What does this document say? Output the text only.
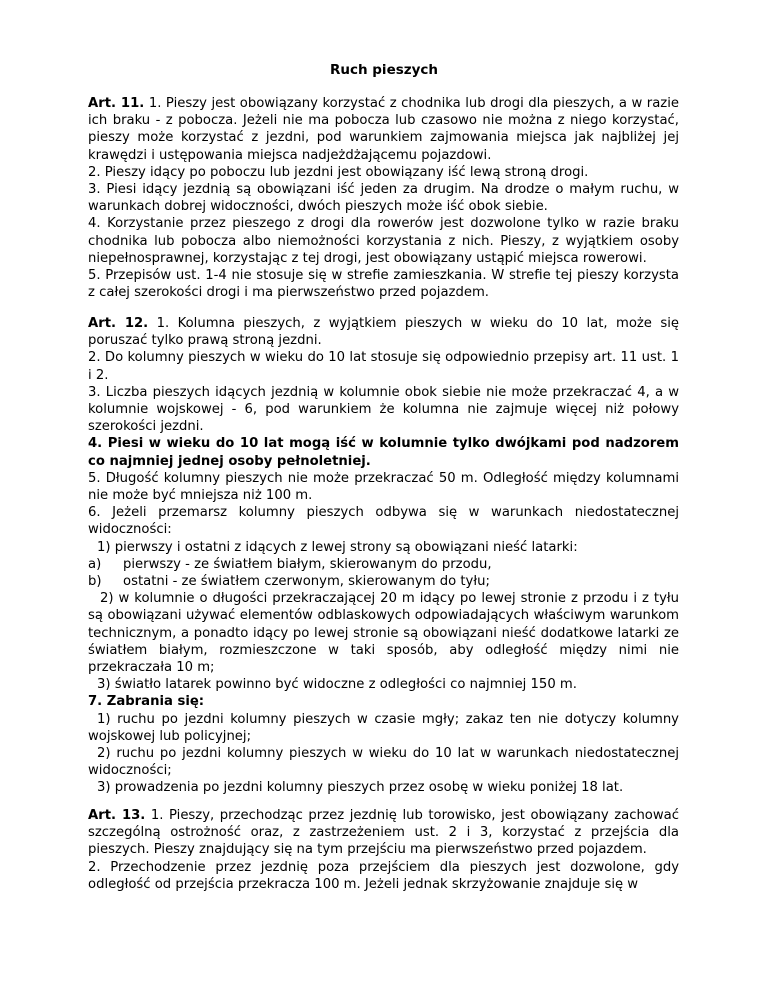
Ruch pieszych

Art. 11. 1. Pieszy jest obowiązany korzystać z chodnika lub drogi dla pieszych, a w razie ich braku - z pobocza. Jeżeli nie ma pobocza lub czasowo nie można z niego korzystać, pieszy może korzystać z jezdni, pod warunkiem zajmowania miejsca jak najbliżej jej krawędzi i ustępowania miejsca nadjeżdżającemu pojazdowi.

2. Pieszy idący po poboczu lub jezdni jest obowiązany iść lewą stroną drogi.

3. Piesi idący jezdnią są obowiązani iść jeden za drugim. Na drodze o małym ruchu, w warunkach dobrej widoczności, dwóch pieszych może iść obok siebie.

4. Korzystanie przez pieszego z drogi dla rowerów jest dozwolone tylko w razie braku chodnika lub pobocza albo niemożności korzystania z nich. Pieszy, z wyjątkiem osoby niepełnosprawnej, korzystając z tej drogi, jest obowiązany ustąpić miejsca rowerowi.

5. Przepisów ust. 1-4 nie stosuje się w strefie zamieszkania. W strefie tej pieszy korzysta z całej szerokości drogi i ma pierwszeństwo przed pojazdem.

Art. 12. 1. Kolumna pieszych, z wyjątkiem pieszych w wieku do 10 lat, może się poruszać tylko prawą stroną jezdni.

2. Do kolumny pieszych w wieku do 10 lat stosuje się odpowiednio przepisy art. 11 ust. 1 i 2.

3. Liczba pieszych idących jezdnią w kolumnie obok siebie nie może przekraczać 4, a w kolumnie wojskowej - 6, pod warunkiem że kolumna nie zajmuje więcej niż połowy szerokości jezdni.

4. Piesi w wieku do 10 lat mogą iść w kolumnie tylko dwójkami pod nadzorem co najmniej jednej osoby pełnoletniej.

5. Długość kolumny pieszych nie może przekraczać 50 m. Odległość między kolumnami nie może być mniejsza niż 100 m.

6. Jeżeli przemarsz kolumny pieszych odbywa się w warunkach niedostatecznej widoczności:

1) pierwszy i ostatni z idących z lewej strony są obowiązani nieść latarki:

a) pierwszy - ze światłem białym, skierowanym do przodu,

b) ostatni - ze światłem czerwonym, skierowanym do tyłu;

2) w kolumnie o długości przekraczającej 20 m idący po lewej stronie z przodu i z tyłu są obowiązani używać elementów odblaskowych odpowiadających właściwym warunkom technicznym, a ponadto idący po lewej stronie są obowiązani nieść dodatkowe latarki ze światłem białym, rozmieszczone w taki sposób, aby odległość między nimi nie przekraczała 10 m;

3) światło latarek powinno być widoczne z odległości co najmniej 150 m.

7. Zabrania się:

1) ruchu po jezdni kolumny pieszych w czasie mgły; zakaz ten nie dotyczy kolumny wojskowej lub policyjnej;

2) ruchu po jezdni kolumny pieszych w wieku do 10 lat w warunkach niedostatecznej widoczności;

3) prowadzenia po jezdni kolumny pieszych przez osobę w wieku poniżej 18 lat.

Art. 13. 1. Pieszy, przechodząc przez jezdnię lub torowisko, jest obowiązany zachować szczególną ostrożność oraz, z zastrzeżeniem ust. 2 i 3, korzystać z przejścia dla pieszych. Pieszy znajdujący się na tym przejściu ma pierwszeństwo przed pojazdem.

2. Przechodzenie przez jezdnię poza przejściem dla pieszych jest dozwolone, gdy odległość od przejścia przekracza 100 m. Jeżeli jednak skrzyżowanie znajduje się w
